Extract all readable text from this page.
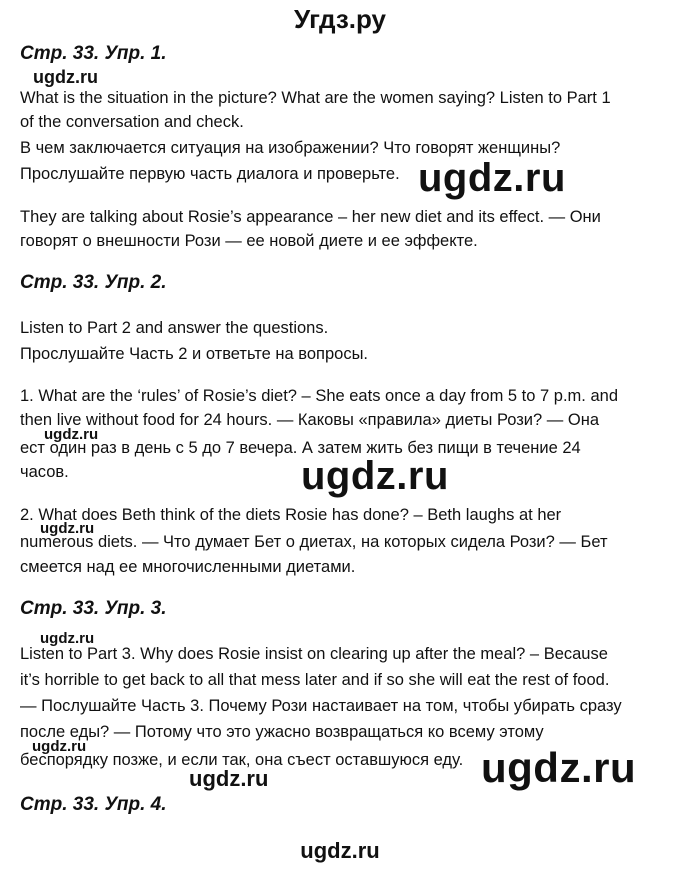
Угдз.ру
Стр. 33. Упр. 1.
ugdz.ru
What is the situation in the picture? What are the women saying? Listen to Part 1
of the conversation and check.
В чем заключается ситуация на изображении? Что говорят женщины?
Прослушайте первую часть диалога и проверьте. ugdz.ru
They are talking about Rosie’s appearance – her new diet and its effect. — Они
говорят о внешности Рози — ее новой диете и ее эффекте.
Стр. 33. Упр. 2.
Listen to Part 2 and answer the questions.
Прослушайте Часть 2 и ответьте на вопросы.
1. What are the ‘rules’ of Rosie’s diet? – She eats once a day from 5 to 7 p.m. and
then live without food for 24 hours. — Каковы «правила» диеты Рози? — Она
ugdz.ru
ест один раз в день с 5 до 7 вечера. А затем жить без пищи в течение 24
часов.	ugdz.ru
2. What does Beth think of the diets Rosie has done? – Beth laughs at her
ugdz.ru
numerous diets. — Что думает Бет о диетах, на которых сидела Рози? — Бет
смеется над ее многочисленными диетами.
Стр. 33. Упр. 3.
ugdz.ru
Listen to Part 3. Why does Rosie insist on clearing up after the meal? – Because
it’s horrible to get back to all that mess later and if so she will eat the rest of food.
— Послушайте Часть 3. Почему Рози настаивает на том, чтобы убирать сразу
после еды? — Потому что это ужасно возвращаться ко всему этому
ugdz.ru
беспорядку позже, и если так, она съест оставшуюся еду. ugdz.ru
ugdz.ru
Стр. 33. Упр. 4.
ugdz.ru
